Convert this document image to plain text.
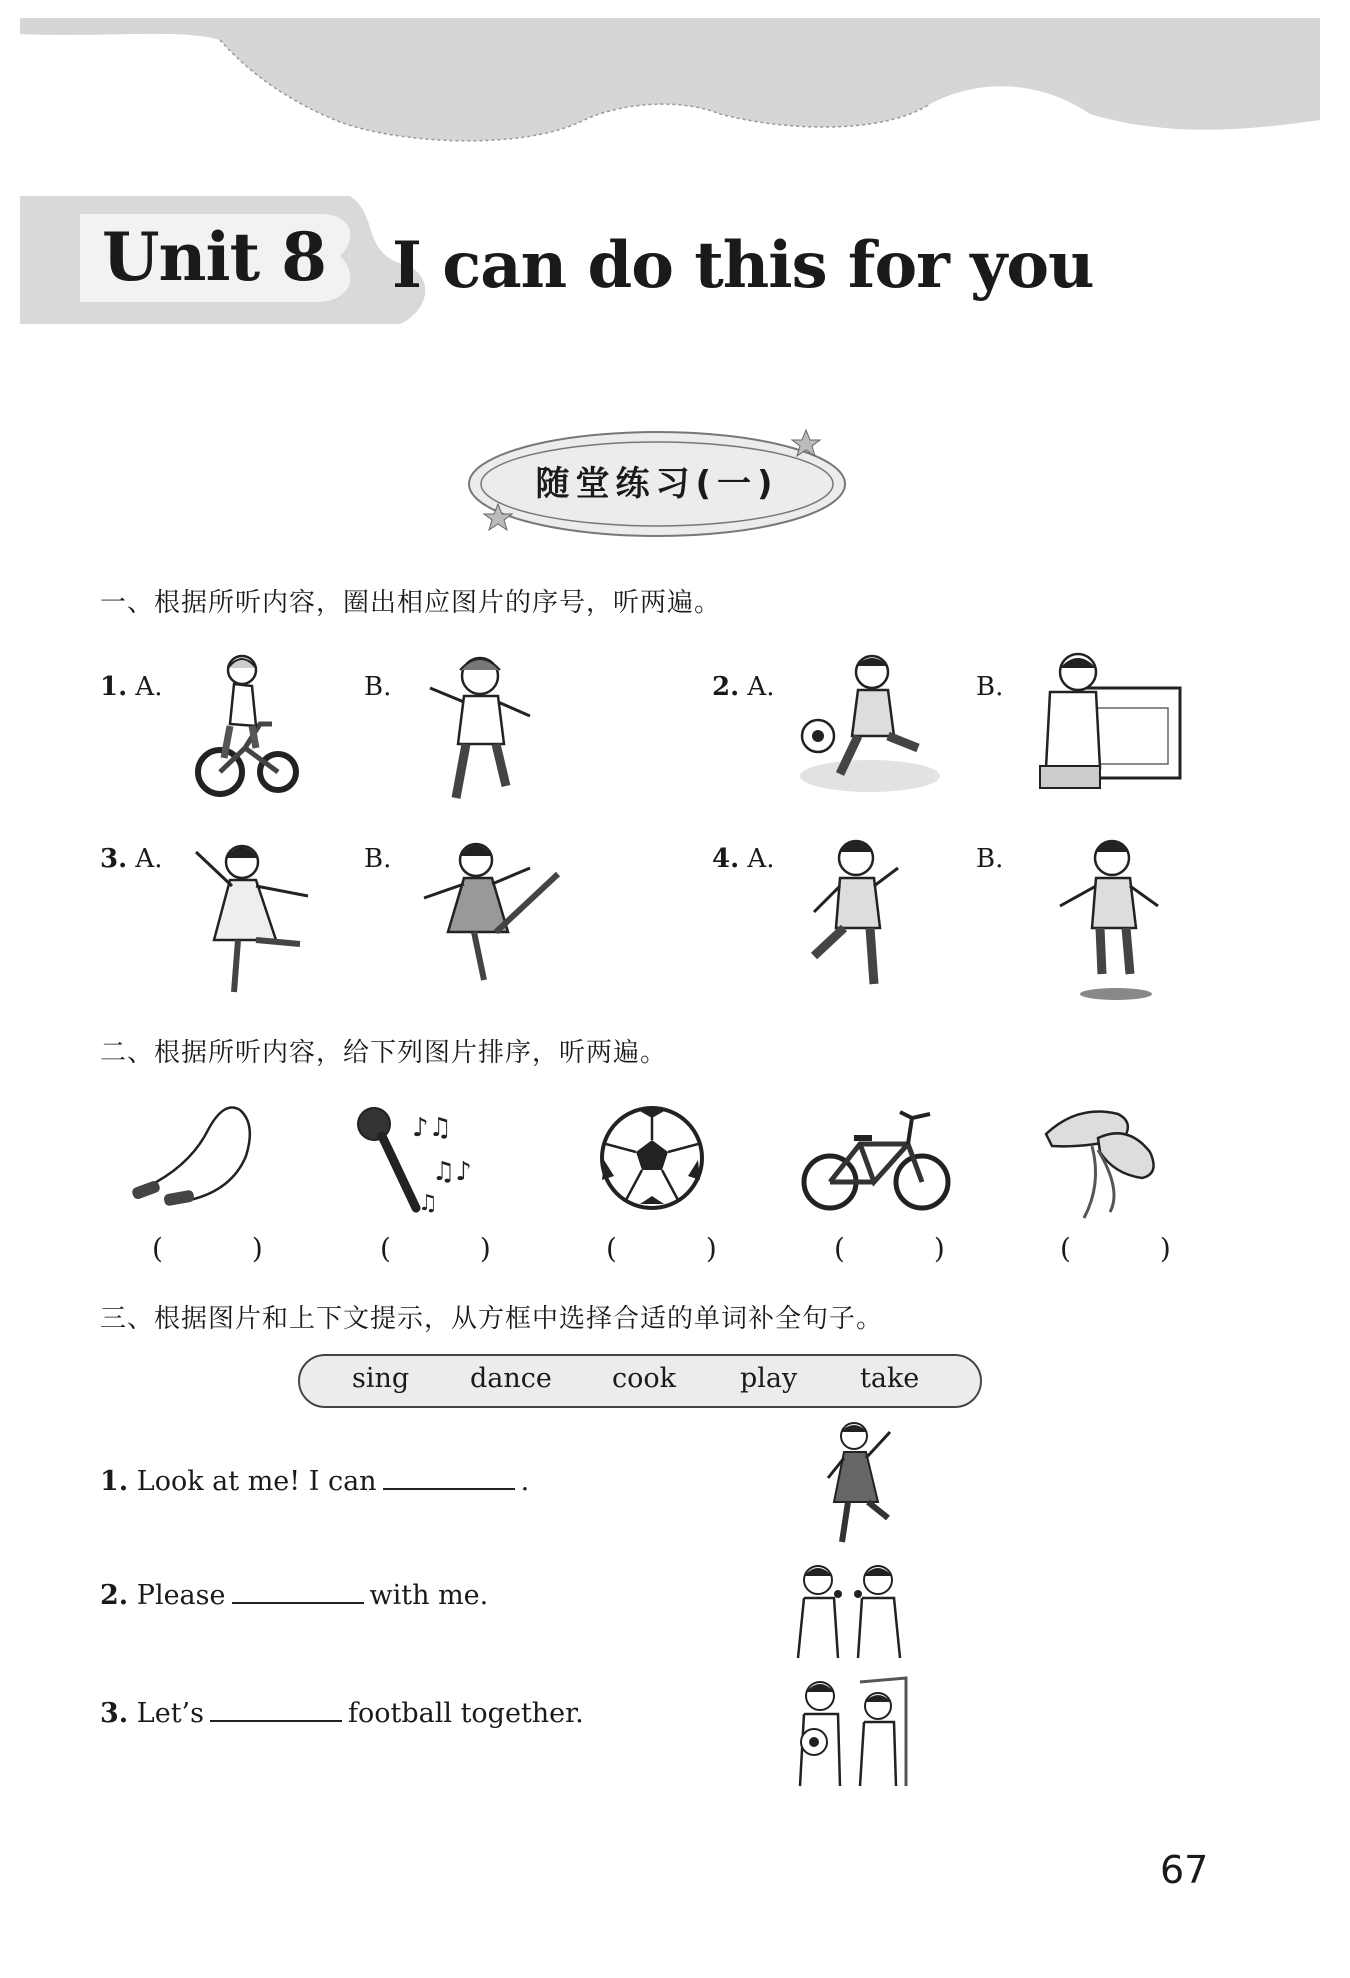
Unit 8 I can do this for you
随堂练习(一)
一、根据所听内容，圈出相应图片的序号，听两遍。
1. A.	B.	2. A.	B.
3. A.	B.	4. A.	B.
二、根据所听内容，给下列图片排序，听两遍。
♪♫
♫♪
♫
( )	( )	( )	( )	( )
三、根据图片和上下文提示，从方框中选择合适的单词补全句子。
sing dance cook play take
1. Look at me! I can	.
2. Please	with me.
3. Let’s	football together.
67
